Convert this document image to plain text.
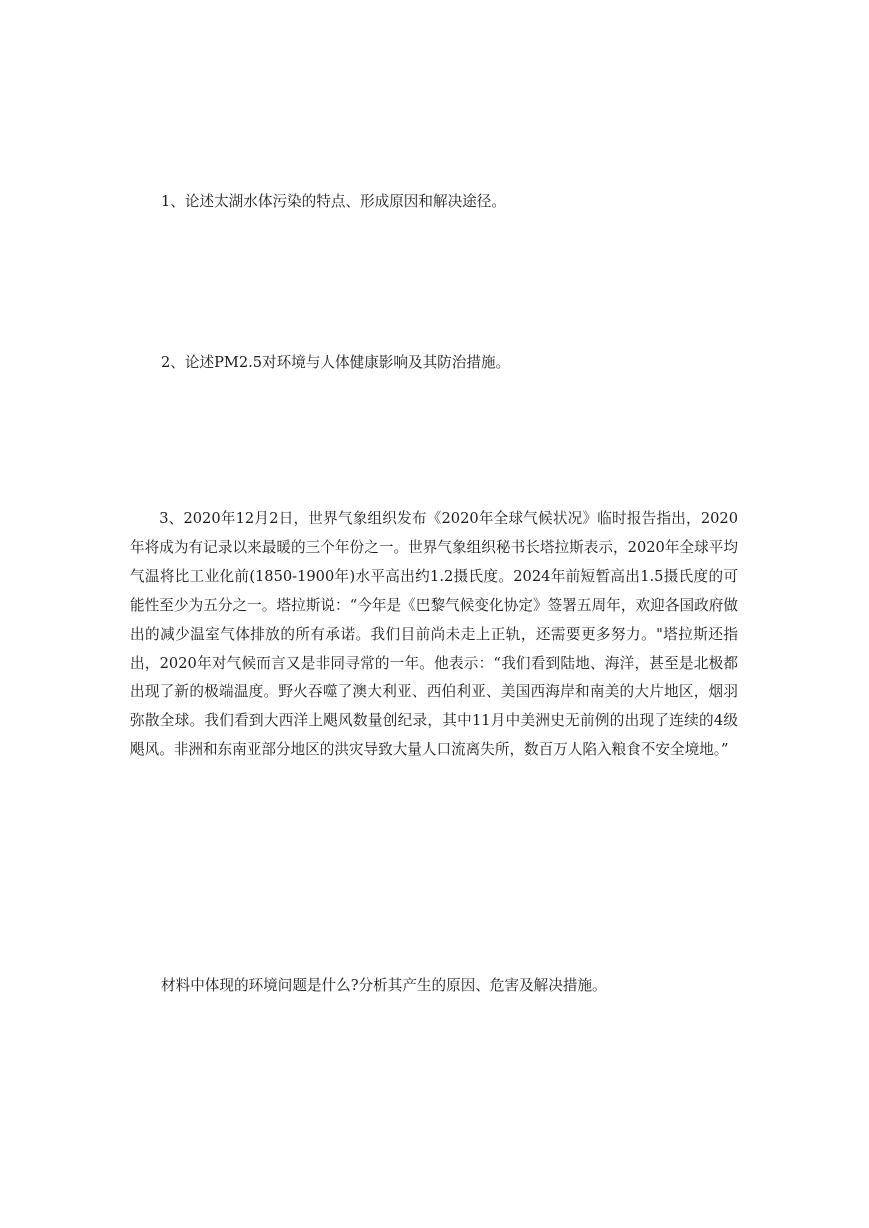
1、论述太湖水体污染的特点、形成原因和解决途径。

2、论述PM2.5对环境与人体健康影响及其防治措施。

3、2020年12月2日，世界气象组织发布《2020年全球气候状况》临时报告指出，2020年将成为有记录以来最暖的三个年份之一。世界气象组织秘书长塔拉斯表示，2020年全球平均气温将比工业化前(1850-1900年)水平高出约1.2摄氏度。2024年前短暂高出1.5摄氏度的可能性至少为五分之一。塔拉斯说：“今年是《巴黎气候变化协定》签署五周年，欢迎各国政府做出的减少温室气体排放的所有承诺。我们目前尚未走上正轨，还需要更多努力。"塔拉斯还指出，2020年对气候而言又是非同寻常的一年。他表示：“我们看到陆地、海洋，甚至是北极都出现了新的极端温度。野火吞噬了澳大利亚、西伯利亚、美国西海岸和南美的大片地区，烟羽弥散全球。我们看到大西洋上飓风数量创纪录，其中11月中美洲史无前例的出现了连续的4级飓风。非洲和东南亚部分地区的洪灾导致大量人口流离失所，数百万人陷入粮食不安全境地。”

材料中体现的环境问题是什么?分析其产生的原因、危害及解决措施。
